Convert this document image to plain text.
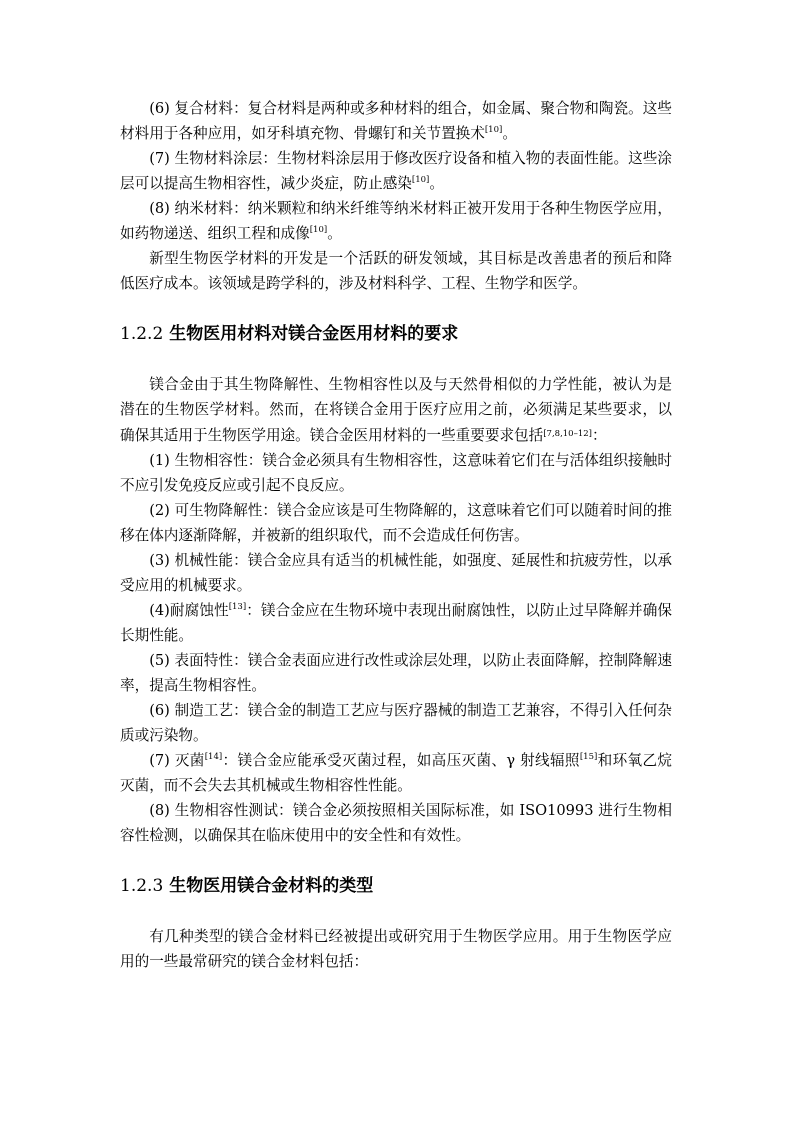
(6) 复合材料：复合材料是两种或多种材料的组合，如金属、聚合物和陶瓷。这些材料用于各种应用，如牙科填充物、骨螺钉和关节置换术[10]。

(7) 生物材料涂层：生物材料涂层用于修改医疗设备和植入物的表面性能。这些涂层可以提高生物相容性，减少炎症，防止感染[10]。

(8) 纳米材料：纳米颗粒和纳米纤维等纳米材料正被开发用于各种生物医学应用，如药物递送、组织工程和成像[10]。

新型生物医学材料的开发是一个活跃的研发领域，其目标是改善患者的预后和降低医疗成本。该领域是跨学科的，涉及材料科学、工程、生物学和医学。

1.2.2 生物医用材料对镁合金医用材料的要求

镁合金由于其生物降解性、生物相容性以及与天然骨相似的力学性能，被认为是潜在的生物医学材料。然而，在将镁合金用于医疗应用之前，必须满足某些要求，以确保其适用于生物医学用途。镁合金医用材料的一些重要要求包括[7,8,10–12]：

(1) 生物相容性：镁合金必须具有生物相容性，这意味着它们在与活体组织接触时不应引发免疫反应或引起不良反应。

(2) 可生物降解性：镁合金应该是可生物降解的，这意味着它们可以随着时间的推移在体内逐渐降解，并被新的组织取代，而不会造成任何伤害。

(3) 机械性能：镁合金应具有适当的机械性能，如强度、延展性和抗疲劳性，以承受应用的机械要求。

(4)耐腐蚀性[13]：镁合金应在生物环境中表现出耐腐蚀性，以防止过早降解并确保长期性能。

(5) 表面特性：镁合金表面应进行改性或涂层处理，以防止表面降解，控制降解速率，提高生物相容性。

(6) 制造工艺：镁合金的制造工艺应与医疗器械的制造工艺兼容，不得引入任何杂质或污染物。

(7) 灭菌[14]：镁合金应能承受灭菌过程，如高压灭菌、γ 射线辐照[15]和环氧乙烷灭菌，而不会失去其机械或生物相容性性能。

(8) 生物相容性测试：镁合金必须按照相关国际标准，如 ISO10993 进行生物相容性检测，以确保其在临床使用中的安全性和有效性。

1.2.3 生物医用镁合金材料的类型

有几种类型的镁合金材料已经被提出或研究用于生物医学应用。用于生物医学应用的一些最常研究的镁合金材料包括：
